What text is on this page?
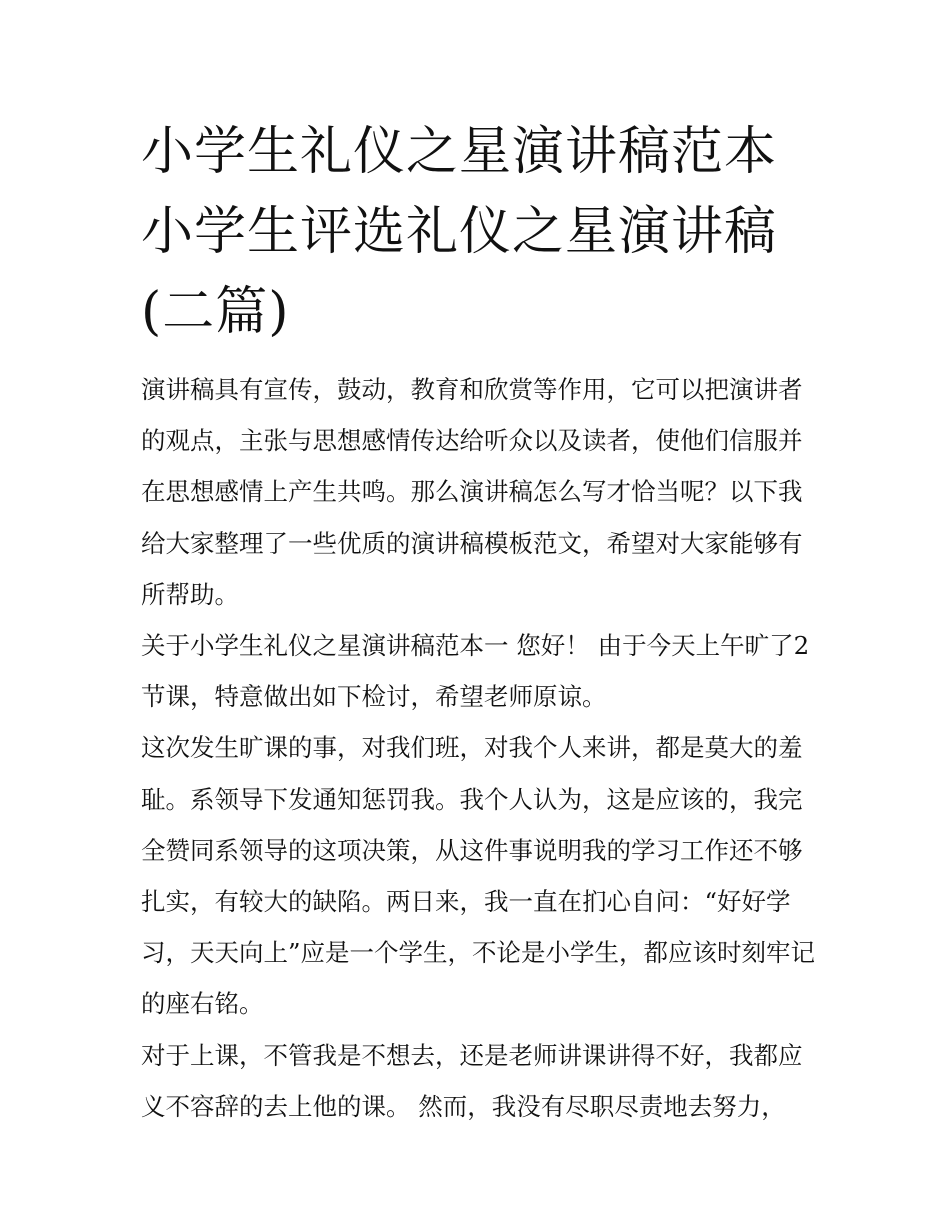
小学生礼仪之星演讲稿范本 小学生评选礼仪之星演讲稿(二篇)

演讲稿具有宣传，鼓动，教育和欣赏等作用，它可以把演讲者的观点，主张与思想感情传达给听众以及读者，使他们信服并在思想感情上产生共鸣。那么演讲稿怎么写才恰当呢？以下我给大家整理了一些优质的演讲稿模板范文，希望对大家能够有所帮助。

关于小学生礼仪之星演讲稿范本一 您好！ 由于今天上午旷了2节课，特意做出如下检讨，希望老师原谅。

这次发生旷课的事，对我们班，对我个人来讲，都是莫大的羞耻。系领导下发通知惩罚我。我个人认为，这是应该的，我完全赞同系领导的这项决策，从这件事说明我的学习工作还不够扎实，有较大的缺陷。两日来，我一直在扪心自问：“好好学习，天天向上”应是一个学生，不论是小学生，都应该时刻牢记的座右铭。

对于上课，不管我是不想去，还是老师讲课讲得不好，我都应义不容辞的去上他的课。 然而，我没有尽职尽责地去努力，
